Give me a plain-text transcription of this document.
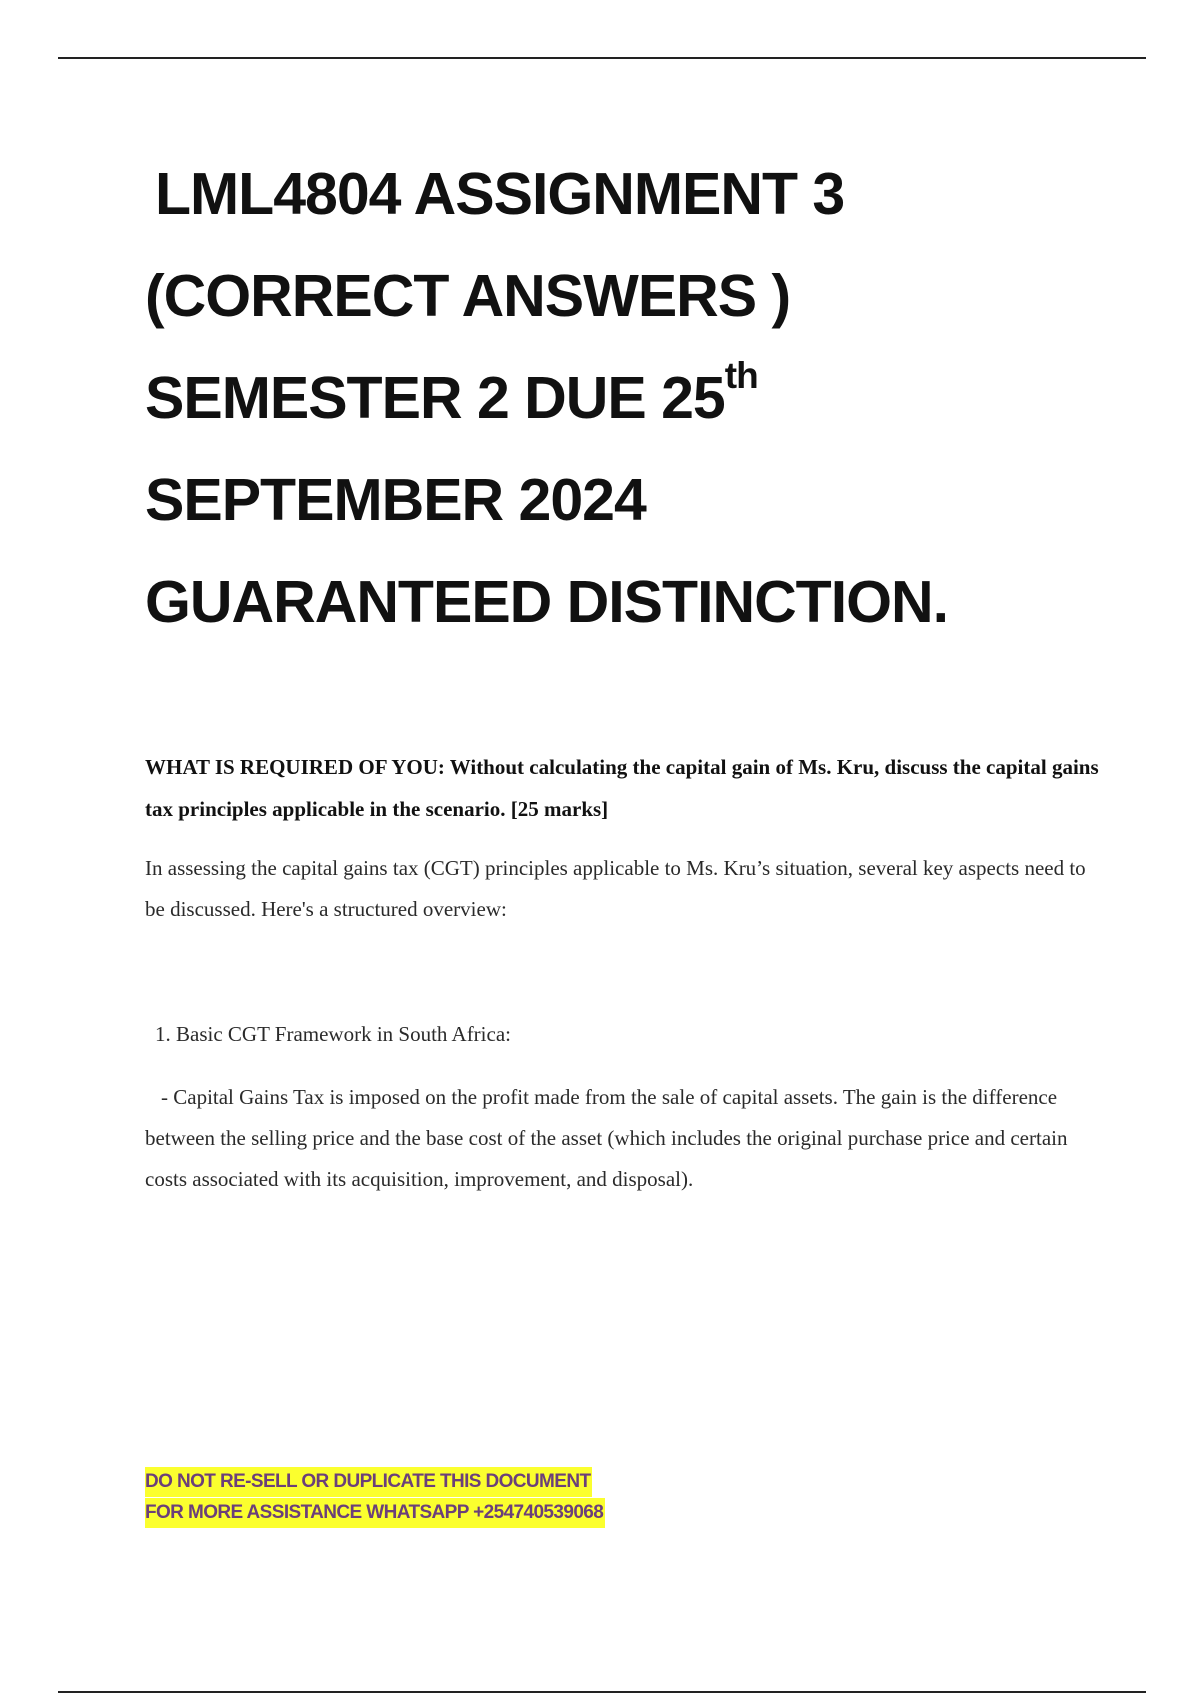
LML4804 ASSIGNMENT 3
(CORRECT ANSWERS )
SEMESTER 2 DUE 25th
SEPTEMBER 2024
GUARANTEED DISTINCTION.

WHAT IS REQUIRED OF YOU: Without calculating the capital gain of Ms. Kru, discuss the capital gains tax principles applicable in the scenario. [25 marks]

In assessing the capital gains tax (CGT) principles applicable to Ms. Kru’s situation, several key aspects need to be discussed. Here's a structured overview:

1. Basic CGT Framework in South Africa:

- Capital Gains Tax is imposed on the profit made from the sale of capital assets. The gain is the difference between the selling price and the base cost of the asset (which includes the original purchase price and certain costs associated with its acquisition, improvement, and disposal).

DO NOT RE-SELL OR DUPLICATE THIS DOCUMENT
FOR MORE ASSISTANCE WHATSAPP +254740539068
